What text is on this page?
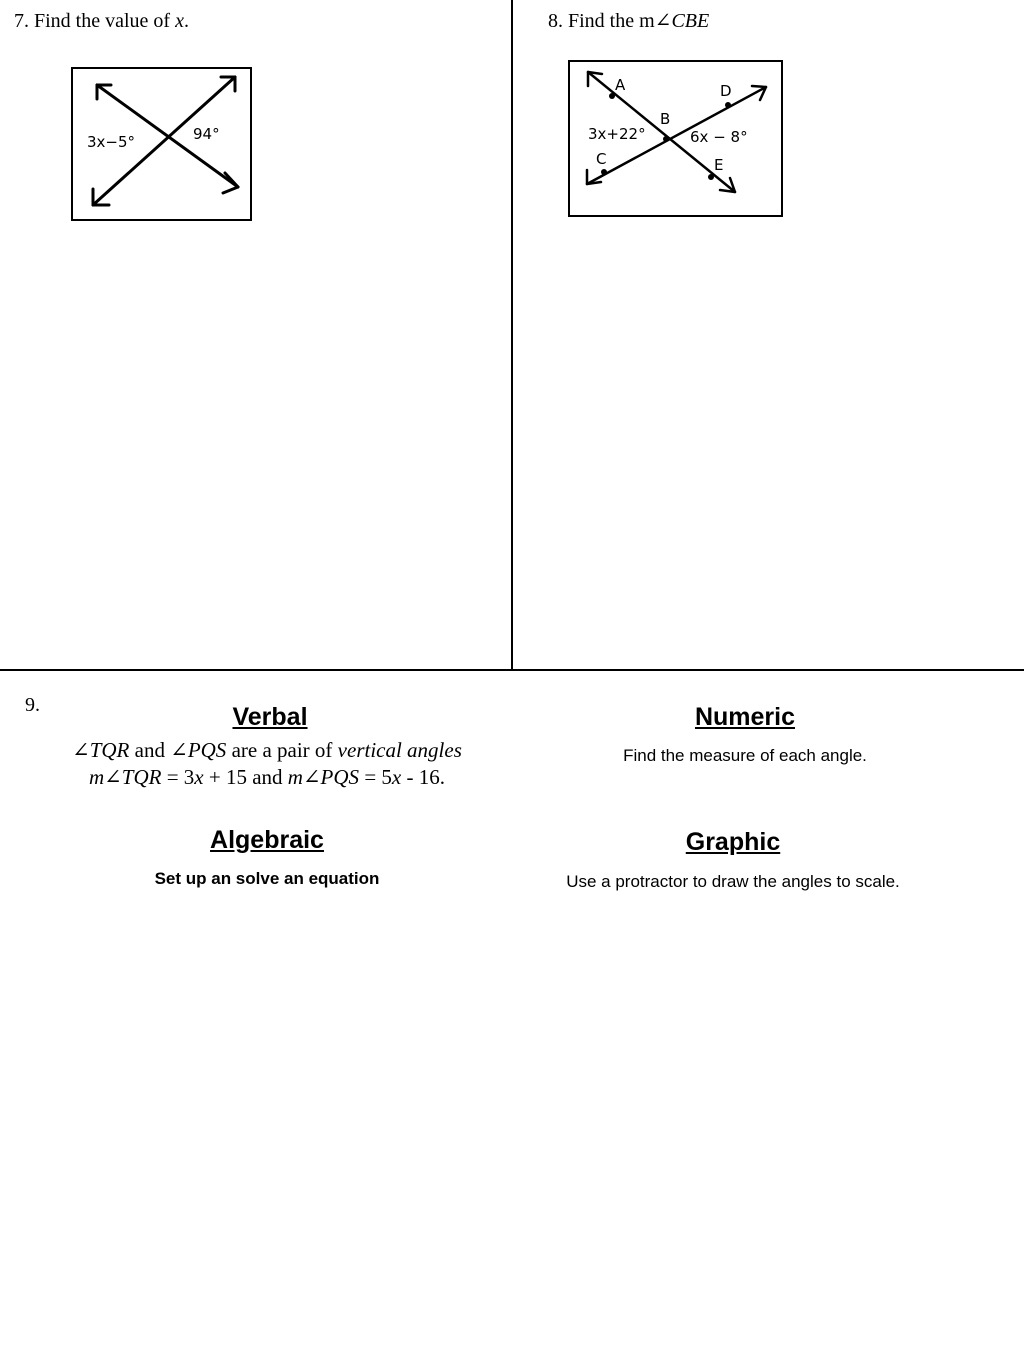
7. Find the value of x.
3x−5°	94°
8. Find the m∠CBE
A
B
C
D
E
3x+22°	6x − 8°
9.	Verbal
∠TQR and ∠PQS are a pair of vertical angles
m∠TQR = 3x + 15 and m∠PQS = 5x - 16.
Numeric
Find the measure of each angle.
Algebraic
Set up an solve an equation
Graphic
Use a protractor to draw the angles to scale.
